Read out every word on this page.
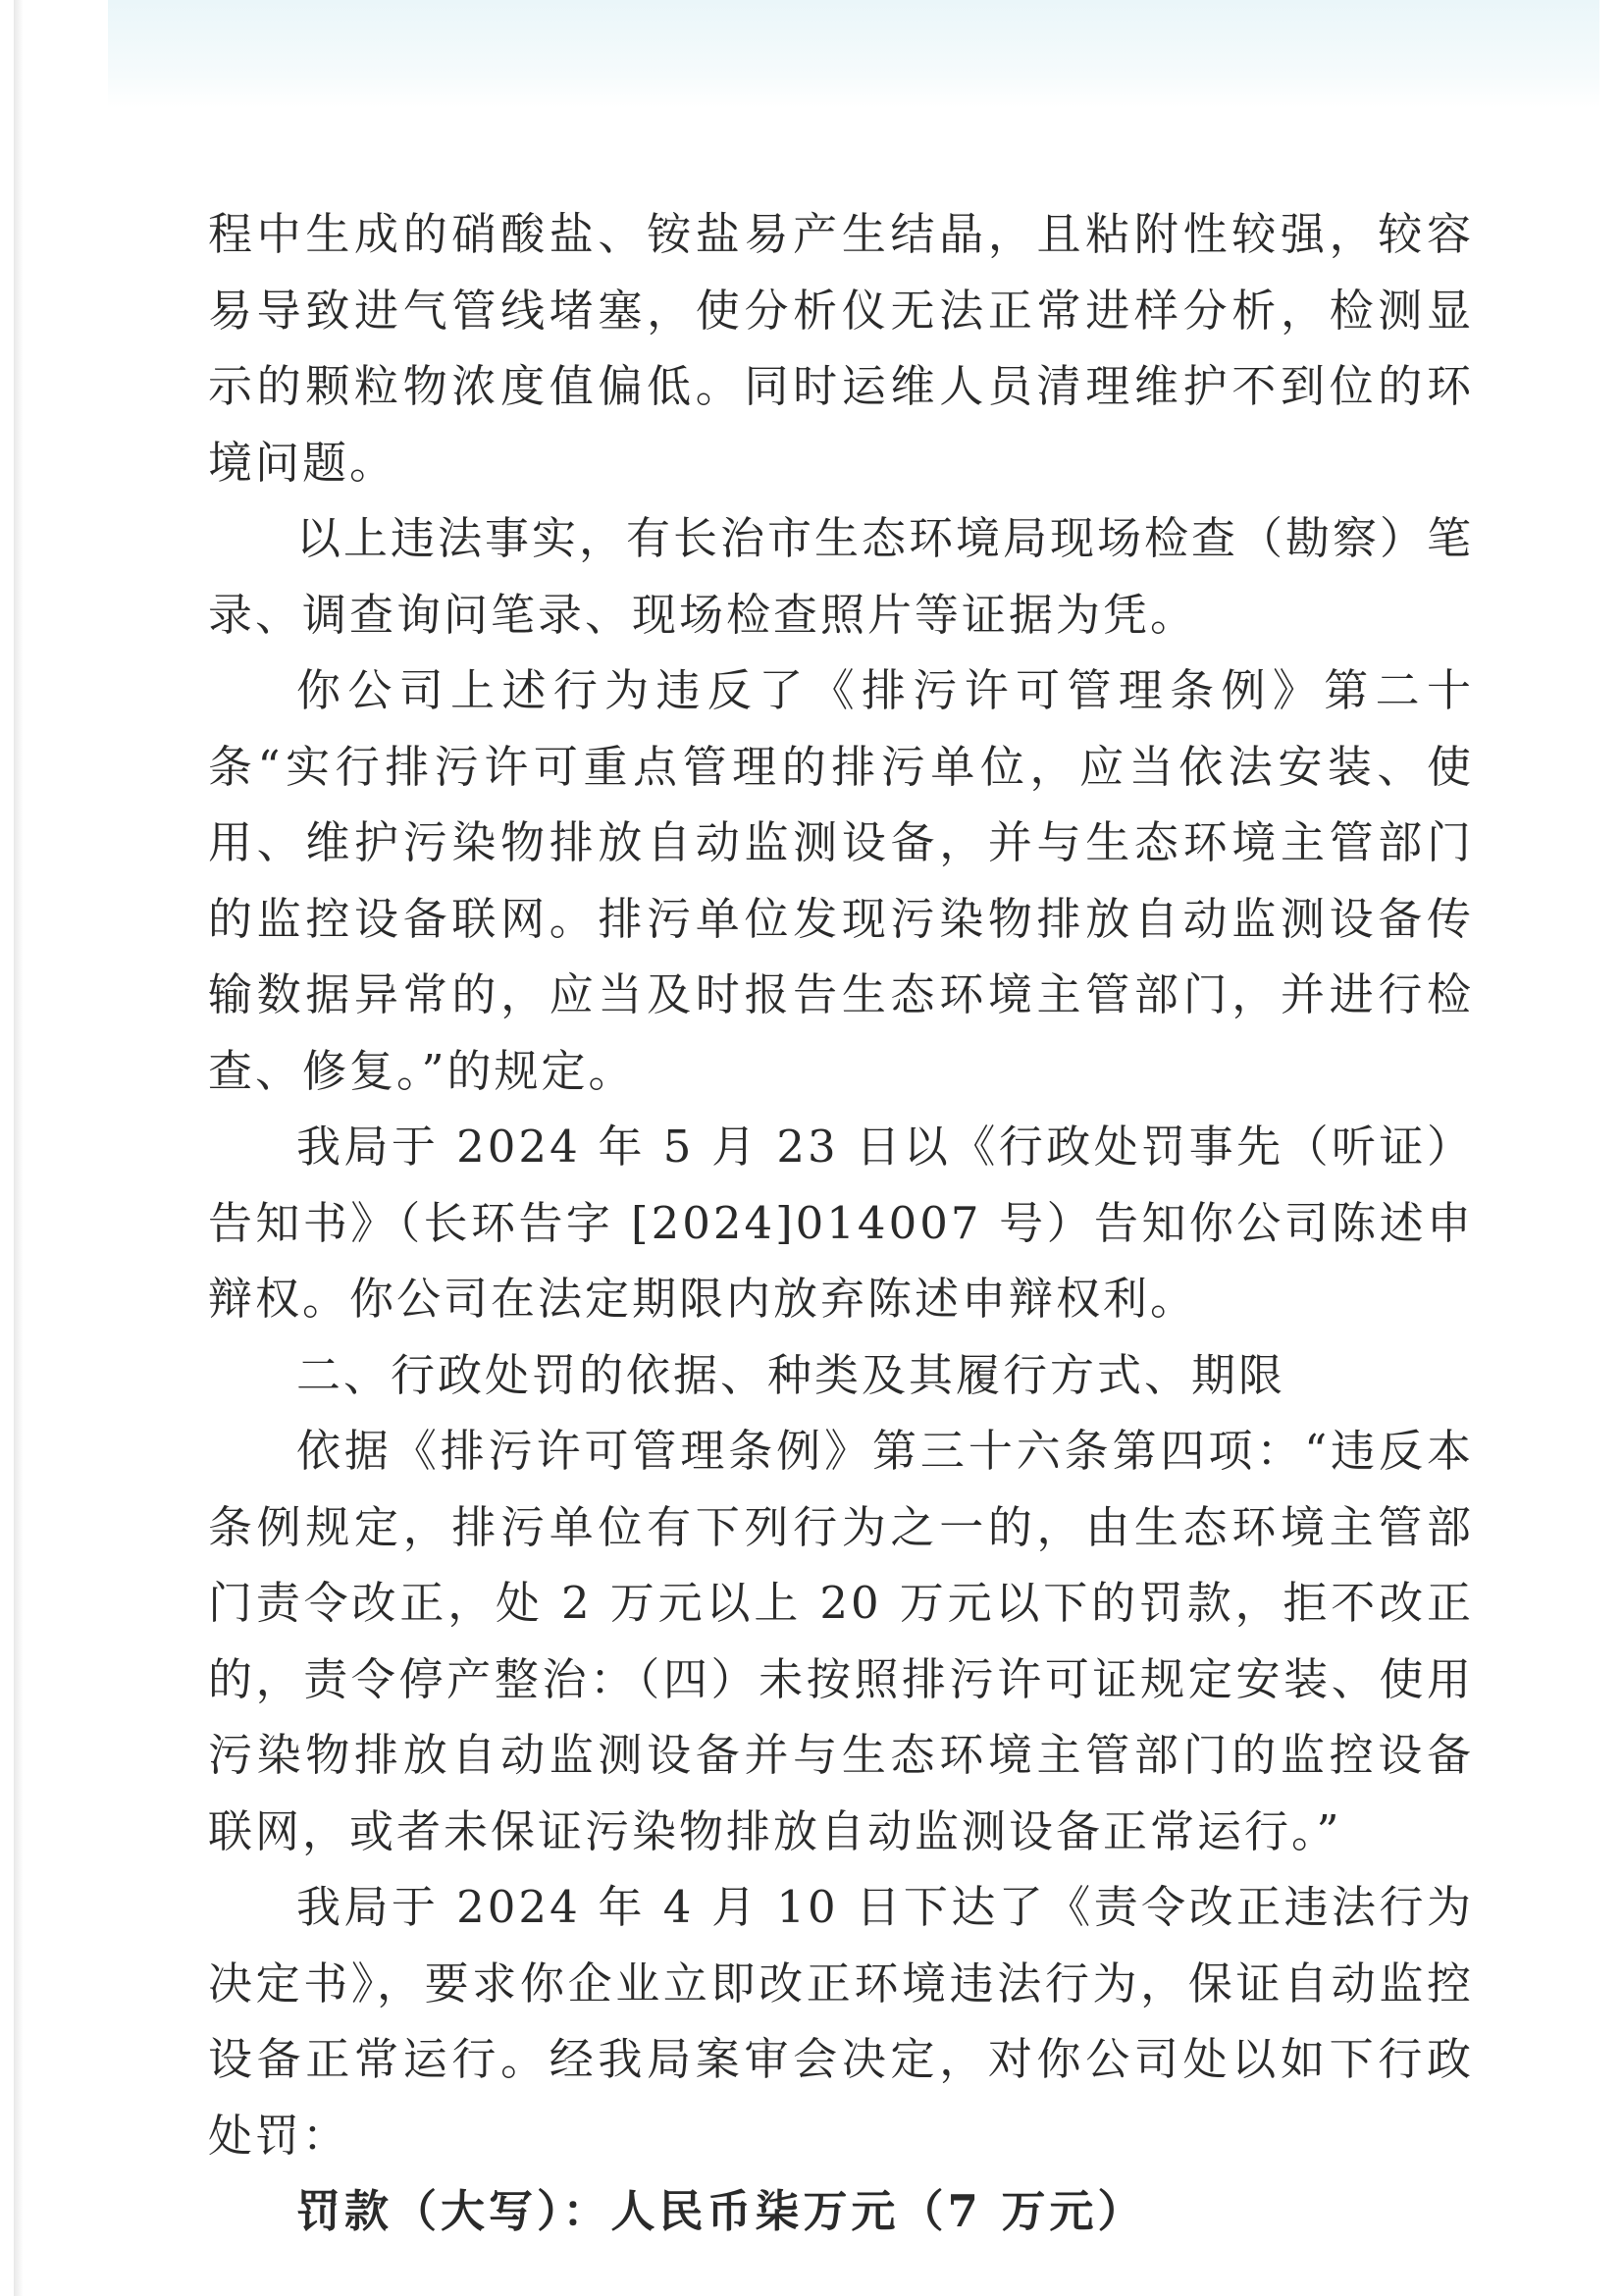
程中生成的硝酸盐、铵盐易产生结晶，且粘附性较强，较容易导致进气管线堵塞，使分析仪无法正常进样分析，检测显示的颗粒物浓度值偏低。同时运维人员清理维护不到位的环境问题。

以上违法事实，有长治市生态环境局现场检查（勘察）笔录、调查询问笔录、现场检查照片等证据为凭。

你公司上述行为违反了《排污许可管理条例》第二十条“实行排污许可重点管理的排污单位，应当依法安装、使用、维护污染物排放自动监测设备，并与生态环境主管部门的监控设备联网。排污单位发现污染物排放自动监测设备传输数据异常的，应当及时报告生态环境主管部门，并进行检查、修复。”的规定。

我局于 2024 年 5 月 23 日以《行政处罚事先（听证）告知书》（长环告字 [2024]014007 号）告知你公司陈述申辩权。你公司在法定期限内放弃陈述申辩权利。

二、行政处罚的依据、种类及其履行方式、期限

依据《排污许可管理条例》第三十六条第四项：“违反本条例规定，排污单位有下列行为之一的，由生态环境主管部门责令改正，处 2 万元以上 20 万元以下的罚款，拒不改正的，责令停产整治：（四）未按照排污许可证规定安装、使用污染物排放自动监测设备并与生态环境主管部门的监控设备联网，或者未保证污染物排放自动监测设备正常运行。”

我局于 2024 年 4 月 10 日下达了《责令改正违法行为决定书》，要求你企业立即改正环境违法行为，保证自动监控设备正常运行。经我局案审会决定，对你公司处以如下行政处罚：

罚款（大写）：人民币柒万元（7 万元）
